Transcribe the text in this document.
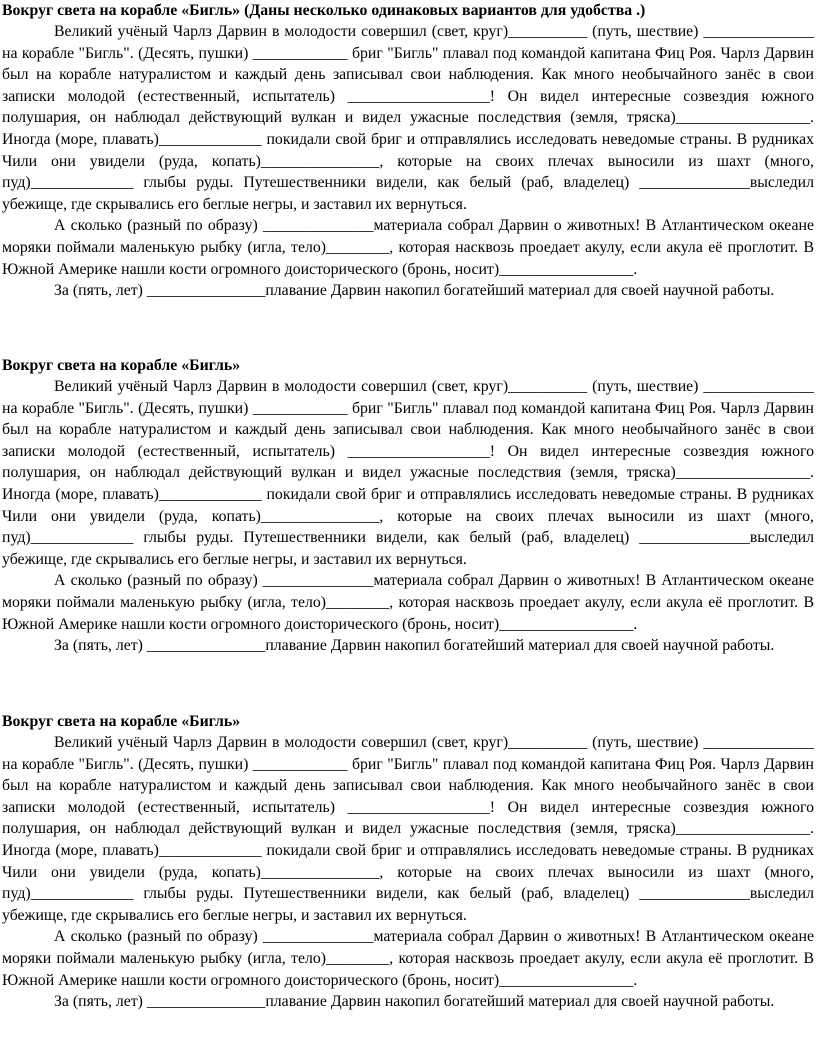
Вокруг света на корабле «Бигль» (Даны несколько одинаковых вариантов для удобства .)

Великий учёный Чарлз Дарвин в молодости совершил (свет, круг)__________ (путь, шествие) ______________ на корабле "Бигль". (Десять, пушки) ____________ бриг "Бигль" плавал под командой капитана Фиц Роя. Чарлз Дарвин был на корабле натуралистом и каждый день записывал свои наблюдения. Как много необычайного занёс в свои записки молодой (естественный, испытатель) __________________! Он видел интересные созвездия южного полушария, он наблюдал действующий вулкан и видел ужасные последствия (земля, тряска)_________________. Иногда (море, плавать)_____________ покидали свой бриг и отправлялись исследовать неведомые страны. В рудниках Чили они увидели (руда, копать)_______________, которые на своих плечах выносили из шахт (много, пуд)_____________ глыбы руды. Путешественники видели, как белый (раб, владелец) ______________выследил убежище, где скрывались его беглые негры, и заставил их вернуться.

А сколько (разный по образу) ______________материала собрал Дарвин о животных! В Атлантическом океане моряки поймали маленькую рыбку (игла, тело)________, которая насквозь проедает акулу, если акула её проглотит. В Южной Америке нашли кости огромного доисторического (бронь, носит)_________________.

За (пять, лет) _______________плавание Дарвин накопил богатейший материал для своей научной работы.

Вокруг света на корабле «Бигль»

Великий учёный Чарлз Дарвин в молодости совершил (свет, круг)__________ (путь, шествие) ______________ на корабле "Бигль". (Десять, пушки) ____________ бриг "Бигль" плавал под командой капитана Фиц Роя. Чарлз Дарвин был на корабле натуралистом и каждый день записывал свои наблюдения. Как много необычайного занёс в свои записки молодой (естественный, испытатель) __________________! Он видел интересные созвездия южного полушария, он наблюдал действующий вулкан и видел ужасные последствия (земля, тряска)_________________. Иногда (море, плавать)_____________ покидали свой бриг и отправлялись исследовать неведомые страны. В рудниках Чили они увидели (руда, копать)_______________, которые на своих плечах выносили из шахт (много, пуд)_____________ глыбы руды. Путешественники видели, как белый (раб, владелец) ______________выследил убежище, где скрывались его беглые негры, и заставил их вернуться.

А сколько (разный по образу) ______________материала собрал Дарвин о животных! В Атлантическом океане моряки поймали маленькую рыбку (игла, тело)________, которая насквозь проедает акулу, если акула её проглотит. В Южной Америке нашли кости огромного доисторического (бронь, носит)_________________.

За (пять, лет) _______________плавание Дарвин накопил богатейший материал для своей научной работы.

Вокруг света на корабле «Бигль»

Великий учёный Чарлз Дарвин в молодости совершил (свет, круг)__________ (путь, шествие) ______________ на корабле "Бигль". (Десять, пушки) ____________ бриг "Бигль" плавал под командой капитана Фиц Роя. Чарлз Дарвин был на корабле натуралистом и каждый день записывал свои наблюдения. Как много необычайного занёс в свои записки молодой (естественный, испытатель) __________________! Он видел интересные созвездия южного полушария, он наблюдал действующий вулкан и видел ужасные последствия (земля, тряска)_________________. Иногда (море, плавать)_____________ покидали свой бриг и отправлялись исследовать неведомые страны. В рудниках Чили они увидели (руда, копать)_______________, которые на своих плечах выносили из шахт (много, пуд)_____________ глыбы руды. Путешественники видели, как белый (раб, владелец) ______________выследил убежище, где скрывались его беглые негры, и заставил их вернуться.

А сколько (разный по образу) ______________материала собрал Дарвин о животных! В Атлантическом океане моряки поймали маленькую рыбку (игла, тело)________, которая насквозь проедает акулу, если акула её проглотит. В Южной Америке нашли кости огромного доисторического (бронь, носит)_________________.

За (пять, лет) _______________плавание Дарвин накопил богатейший материал для своей научной работы.
